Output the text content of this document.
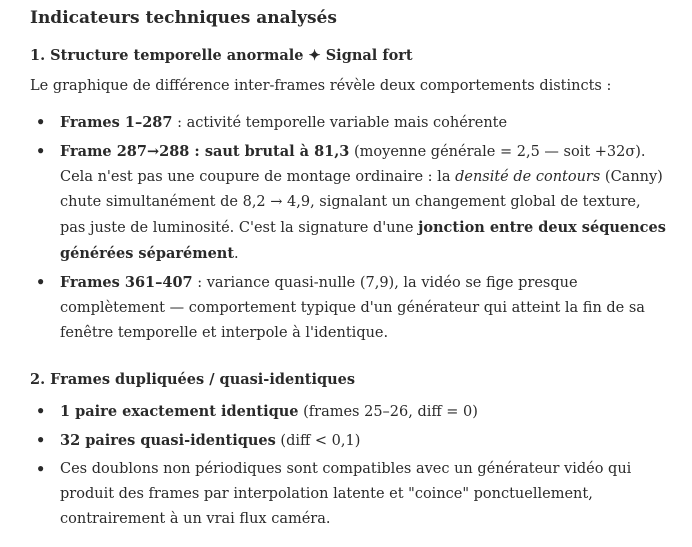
Indicateurs techniques analysés
1. Structure temporelle anormale ✦ Signal fort
Le graphique de différence inter-frames révèle deux comportements distincts :
• Frames 1–287 : activité temporelle variable mais cohérente
• Frame 287→288 : saut brutal à 81,3 (moyenne générale = 2,5 — soit +32σ). Cela n'est pas une coupure de montage ordinaire : la densité de contours (Canny) chute simultanément de 8,2 → 4,9, signalant un changement global de texture, pas juste de luminosité. C'est la signature d'une jonction entre deux séquences générées séparément.
• Frames 361–407 : variance quasi-nulle (7,9), la vidéo se fige presque complètement — comportement typique d'un générateur qui atteint la fin de sa fenêtre temporelle et interpole à l'identique.
2. Frames dupliquées / quasi-identiques
• 1 paire exactement identique (frames 25–26, diff = 0)
• 32 paires quasi-identiques (diff < 0,1)
• Ces doublons non périodiques sont compatibles avec un générateur vidéo qui produit des frames par interpolation latente et "coince" ponctuellement, contrairement à un vrai flux caméra.
